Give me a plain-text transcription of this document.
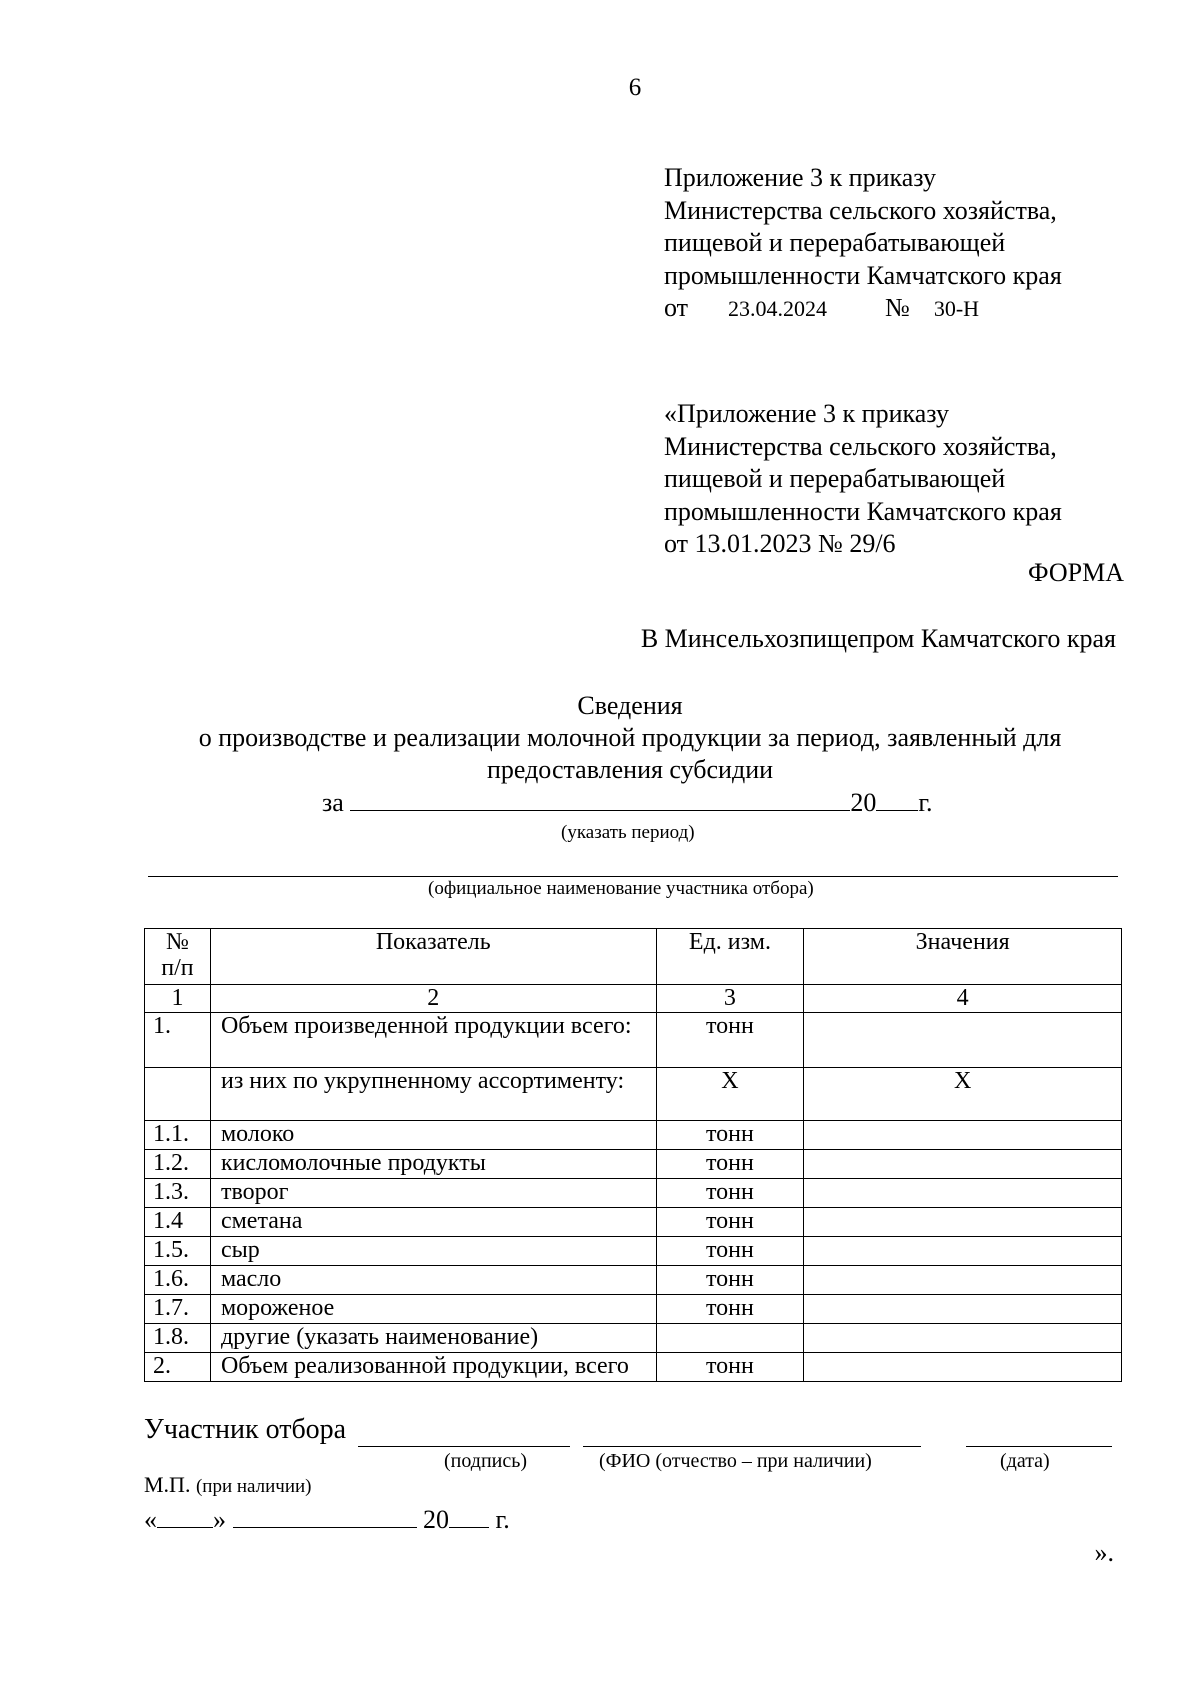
6
Приложение 3 к приказу
Министерства сельского хозяйства,
пищевой и перерабатывающей
промышленности Камчатского края
от 23.04.2024 № 30-Н
«Приложение 3 к приказу
Министерства сельского хозяйства,
пищевой и перерабатывающей
промышленности Камчатского края
от 13.01.2023 № 29/6
ФОРМА
В Минсельхозпищепром Камчатского края
Сведения
о производстве и реализации молочной продукции за период, заявленный для
предоставления субсидии
за	20 г.
(указать период)
(официальное наименование участника отбора)
№
п/п	Показатель	Ед. изм.	Значения
1	2	3	4
1.	Объем произведенной продукции всего:	тонн	
	из них по укрупненному ассортименту:	Х	Х
1.1.	молоко	тонн	
1.2.	кисломолочные продукты	тонн	
1.3.	творог	тонн	
1.4	сметана	тонн	
1.5.	сыр	тонн	
1.6.	масло	тонн	
1.7.	мороженое	тонн	
1.8.	другие (указать наименование)		
2.	Объем реализованной продукции, всего	тонн	
Участник отбора
(подпись)	(ФИО (отчество – при наличии)	(дата)
М.П. (при наличии)
« »	20 г.
».
